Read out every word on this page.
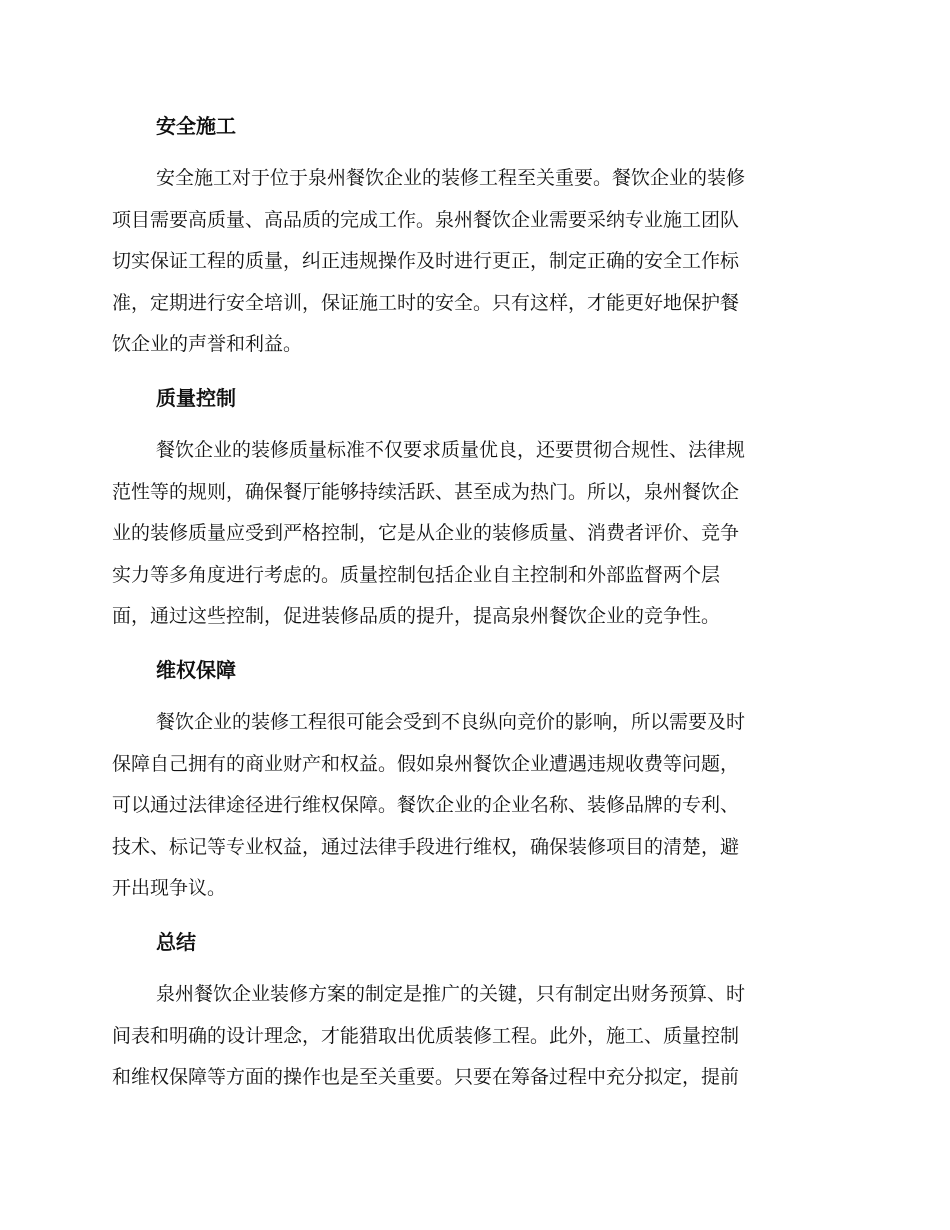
安全施工
安全施工对于位于泉州餐饮企业的装修工程至关重要。餐饮企业的装修
项目需要高质量、高品质的完成工作。泉州餐饮企业需要采纳专业施工团队
切实保证工程的质量，纠正违规操作及时进行更正，制定正确的安全工作标
准，定期进行安全培训，保证施工时的安全。只有这样，才能更好地保护餐
饮企业的声誉和利益。
质量控制
餐饮企业的装修质量标准不仅要求质量优良，还要贯彻合规性、法律规
范性等的规则，确保餐厅能够持续活跃、甚至成为热门。所以，泉州餐饮企
业的装修质量应受到严格控制，它是从企业的装修质量、消费者评价、竞争
实力等多角度进行考虑的。质量控制包括企业自主控制和外部监督两个层
面，通过这些控制，促进装修品质的提升，提高泉州餐饮企业的竞争性。
维权保障
餐饮企业的装修工程很可能会受到不良纵向竞价的影响，所以需要及时
保障自己拥有的商业财产和权益。假如泉州餐饮企业遭遇违规收费等问题，
可以通过法律途径进行维权保障。餐饮企业的企业名称、装修品牌的专利、
技术、标记等专业权益，通过法律手段进行维权，确保装修项目的清楚，避
开出现争议。
总结
泉州餐饮企业装修方案的制定是推广的关键，只有制定出财务预算、时
间表和明确的设计理念，才能猎取出优质装修工程。此外，施工、质量控制
和维权保障等方面的操作也是至关重要。只要在筹备过程中充分拟定，提前
